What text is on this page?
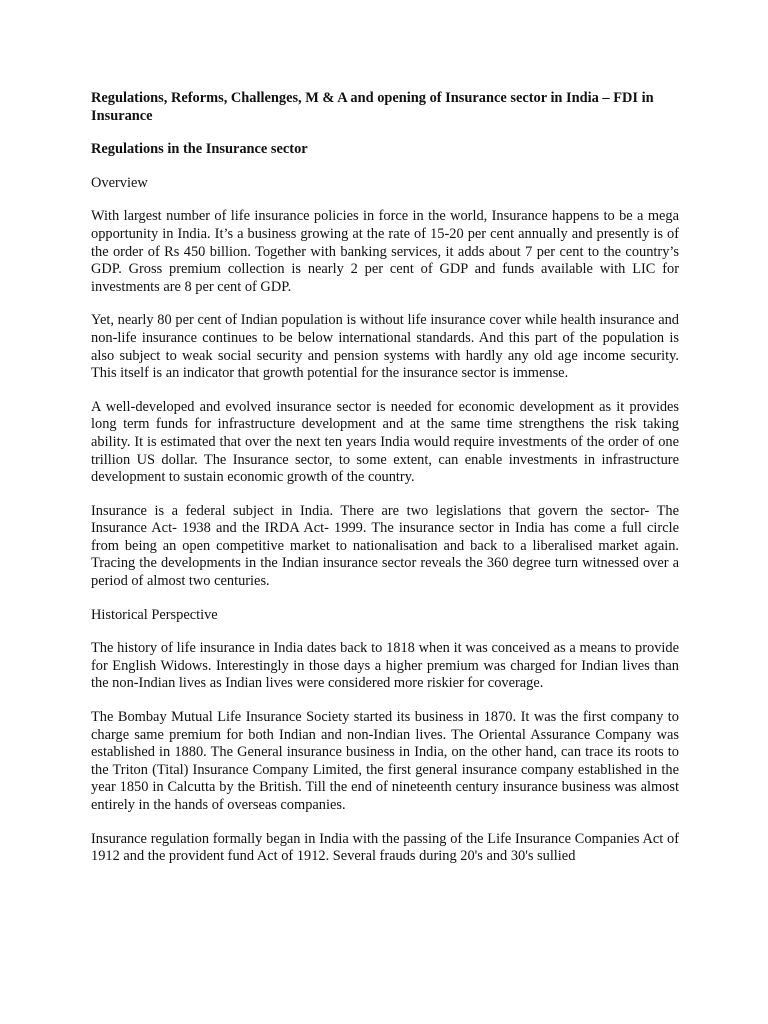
Regulations, Reforms, Challenges, M & A and opening of Insurance sector in India – FDI in Insurance

Regulations in the Insurance sector

Overview

With largest number of life insurance policies in force in the world, Insurance happens to be a mega opportunity in India. It’s a business growing at the rate of 15-20 per cent annually and presently is of the order of Rs 450 billion. Together with banking services, it adds about 7 per cent to the country’s GDP. Gross premium collection is nearly 2 per cent of GDP and funds available with LIC for investments are 8 per cent of GDP.

Yet, nearly 80 per cent of Indian population is without life insurance cover while health insurance and non-life insurance continues to be below international standards. And this part of the population is also subject to weak social security and pension systems with hardly any old age income security. This itself is an indicator that growth potential for the insurance sector is immense.

A well-developed and evolved insurance sector is needed for economic development as it provides long term funds for infrastructure development and at the same time strengthens the risk taking ability. It is estimated that over the next ten years India would require investments of the order of one trillion US dollar. The Insurance sector, to some extent, can enable investments in infrastructure development to sustain economic growth of the country.

Insurance is a federal subject in India. There are two legislations that govern the sector- The Insurance Act- 1938 and the IRDA Act- 1999. The insurance sector in India has come a full circle from being an open competitive market to nationalisation and back to a liberalised market again. Tracing the developments in the Indian insurance sector reveals the 360 degree turn witnessed over a period of almost two centuries.

Historical Perspective

The history of life insurance in India dates back to 1818 when it was conceived as a means to provide for English Widows. Interestingly in those days a higher premium was charged for Indian lives than the non-Indian lives as Indian lives were considered more riskier for coverage.

The Bombay Mutual Life Insurance Society started its business in 1870. It was the first company to charge same premium for both Indian and non-Indian lives. The Oriental Assurance Company was established in 1880. The General insurance business in India, on the other hand, can trace its roots to the Triton (Tital) Insurance Company Limited, the first general insurance company established in the year 1850 in Calcutta by the British. Till the end of nineteenth century insurance business was almost entirely in the hands of overseas companies.

Insurance regulation formally began in India with the passing of the Life Insurance Companies Act of 1912 and the provident fund Act of 1912. Several frauds during 20's and 30's sullied
